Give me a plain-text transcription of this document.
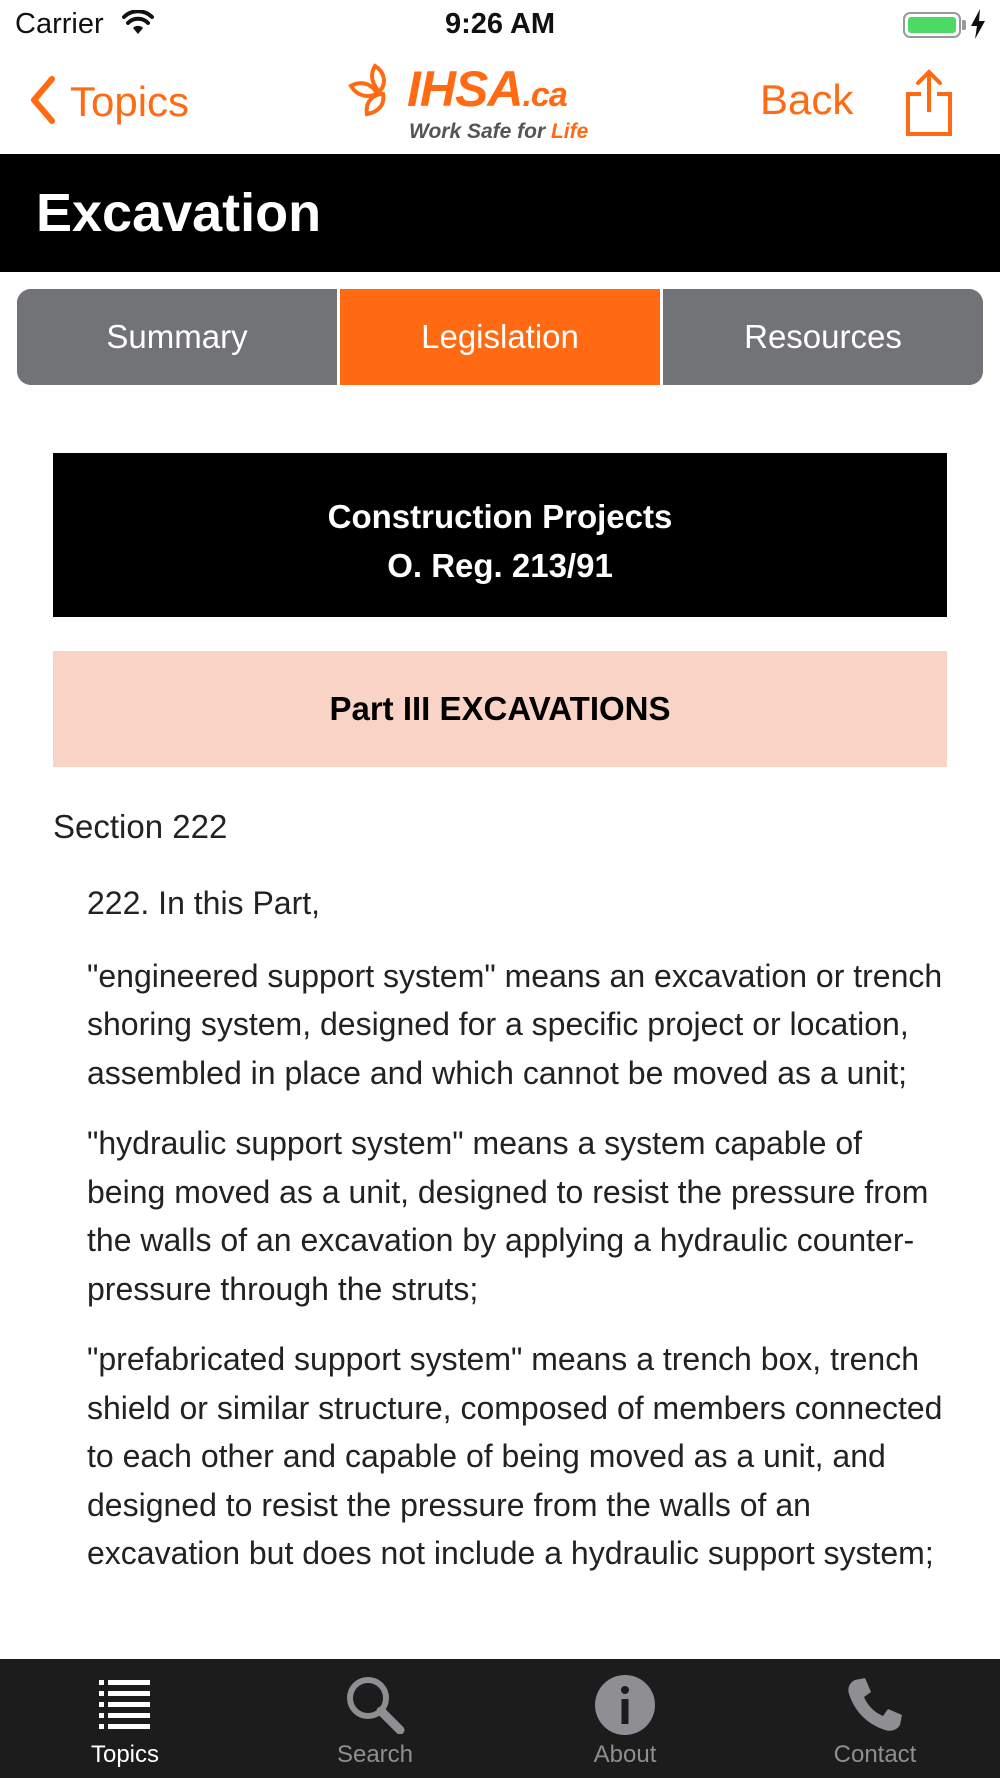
Carrier	9:26 AM
Topics	IHSA.ca
Work Safe for Life
Back
Excavation
Summary	Legislation	Resources
Construction Projects
O. Reg. 213/91
Part III EXCAVATIONS
Section 222

222. In this Part,

"engineered support system" means an excavation or trench shoring system, designed for a specific project or location, assembled in place and which cannot be moved as a unit;

"hydraulic support system" means a system capable of being moved as a unit, designed to resist the pressure from the walls of an excavation by applying a hydraulic counter-pressure through the struts;

"prefabricated support system" means a trench box, trench shield or similar structure, composed of members connected to each other and capable of being moved as a unit, and designed to resist the pressure from the walls of an excavation but does not include a hydraulic support system;

Topics	Search	About	Contact
